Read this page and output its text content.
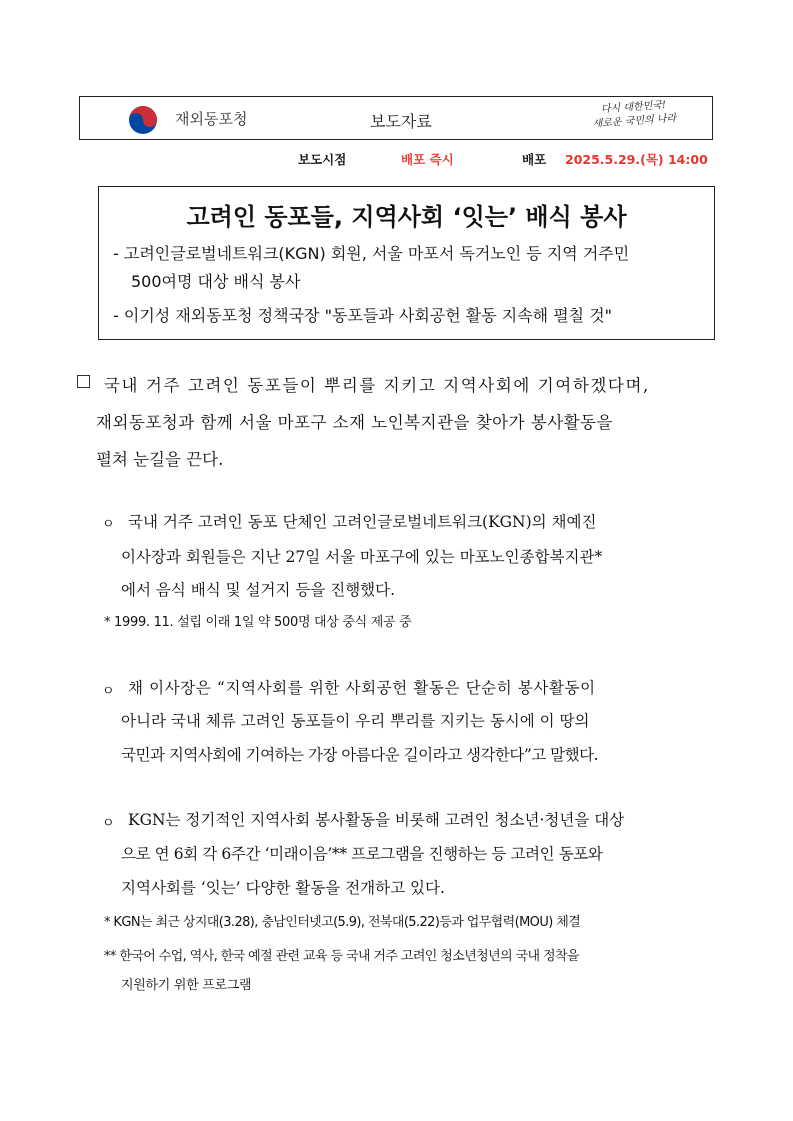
재외동포청	보도자료
다시 대한민국!
새로운 국민의 나라
보도시점	배포 즉시	배포 2025.5.29.(목) 14:00
고려인 동포들, 지역사회 ‘잇는’ 배식 봉사
- 고려인글로벌네트워크(KGN) 회원, 서울 마포서 독거노인 등 지역 거주민
500여명 대상 배식 봉사
- 이기성 재외동포청 정책국장 "동포들과 사회공헌 활동 지속해 펼칠 것"
국내 거주 고려인 동포들이 뿌리를 지키고 지역사회에 기여하겠다며,
재외동포청과 함께 서울 마포구 소재 노인복지관을 찾아가 봉사활동을
펼쳐 눈길을 끈다.
ㅇ 국내 거주 고려인 동포 단체인 고려인글로벌네트워크(KGN)의 채예진
이사장과 회원들은 지난 27일 서울 마포구에 있는 마포노인종합복지관*
에서 음식 배식 및 설거지 등을 진행했다.
* 1999. 11. 설립 이래 1일 약 500명 대상 중식 제공 중
ㅇ 채 이사장은 “지역사회를 위한 사회공헌 활동은 단순히 봉사활동이
아니라 국내 체류 고려인 동포들이 우리 뿌리를 지키는 동시에 이 땅의
국민과 지역사회에 기여하는 가장 아름다운 길이라고 생각한다”고 말했다.
ㅇ KGN는 정기적인 지역사회 봉사활동을 비롯해 고려인 청소년·청년을 대상
으로 연 6회 각 6주간 ‘미래이음’** 프로그램을 진행하는 등 고려인 동포와
지역사회를 ‘잇는’ 다양한 활동을 전개하고 있다.
* KGN는 최근 상지대(3.28), 충남인터넷고(5.9), 전북대(5.22)등과 업무협력(MOU) 체결
** 한국어 수업, 역사, 한국 예절 관련 교육 등 국내 거주 고려인 청소년청년의 국내 정착을
지원하기 위한 프로그램
